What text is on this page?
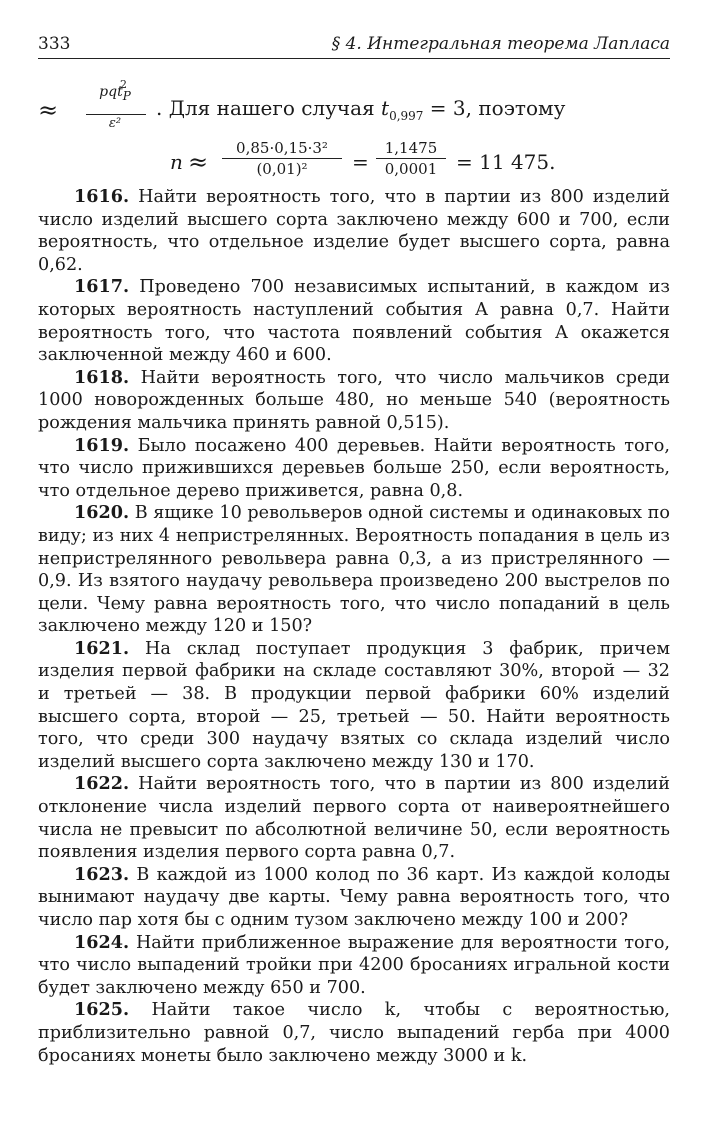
333	§ 4. Интегральная теорема Лапласа
≈
pqt$_P$
2
ε²
. Для нашего случая $t_{0,997} = 3$, поэтому
n ≈	0,85·0,15·3²
(0,01)²	=
1,1475
0,0001 = 11 475.

1616. Найти вероятность того, что в партии из 800 изделий число изделий высшего сорта заключено между 600 и 700, если вероятность, что отдельное изделие будет высшего сорта, равна 0,62.

1617. Проведено 700 независимых испытаний, в каждом из которых вероятность наступлений события А равна 0,7. Найти вероятность того, что частота появлений события А окажется заключенной между 460 и 600.

1618. Найти вероятность того, что число мальчиков среди 1000 новорожденных больше 480, но меньше 540 (вероятность рождения мальчика принять равной 0,515).

1619. Было посажено 400 деревьев. Найти вероятность того, что число прижившихся деревьев больше 250, если вероятность, что отдельное дерево приживется, равна 0,8.

1620. В ящике 10 револьверов одной системы и одинаковых по виду; из них 4 непристрелянных. Вероятность попадания в цель из непристрелянного револьвера равна 0,3, а из пристрелянного — 0,9. Из взятого наудачу револьвера произведено 200 выстрелов по цели. Чему равна вероятность того, что число попаданий в цель заключено между 120 и 150?

1621. На склад поступает продукция 3 фабрик, причем изделия первой фабрики на складе составляют 30%, второй — 32 и третьей — 38. В продукции первой фабрики 60% изделий высшего сорта, второй — 25, третьей — 50. Найти вероятность того, что среди 300 наудачу взятых со склада изделий число изделий высшего сорта заключено между 130 и 170.

1622. Найти вероятность того, что в партии из 800 изделий отклонение числа изделий первого сорта от наивероятнейшего числа не превысит по абсолютной величине 50, если вероятность появления изделия первого сорта равна 0,7.

1623. В каждой из 1000 колод по 36 карт. Из каждой колоды вынимают наудачу две карты. Чему равна вероятность того, что число пар хотя бы с одним тузом заключено между 100 и 200?

1624. Найти приближенное выражение для вероятности того, что число выпадений тройки при 4200 бросаниях игральной кости будет заключено между 650 и 700.

1625. Найти такое число k, чтобы с вероятностью, приблизительно равной 0,7, число выпадений герба при 4000 бросаниях монеты было заключено между 3000 и k.
